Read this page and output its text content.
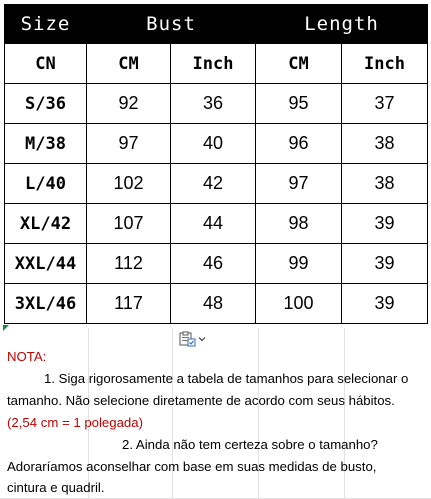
Size	Bust		Length	
CN	CM	Inch	CM	Inch
S/36	92	36	95	37
M/38	97	40	96	38
L/40	102	42	97	38
XL/42	107	44	98	39
XXL/44	112	46	99	39
3XL/46	117	48	100	39
NOTA:
1. Siga rigorosamente a tabela de tamanhos para selecionar o
tamanho. Não selecione diretamente de acordo com seus hábitos.
(2,54 cm = 1 polegada)
2. Ainda não tem certeza sobre o tamanho?
Adoraríamos aconselhar com base em suas medidas de busto,
cintura e quadril.
